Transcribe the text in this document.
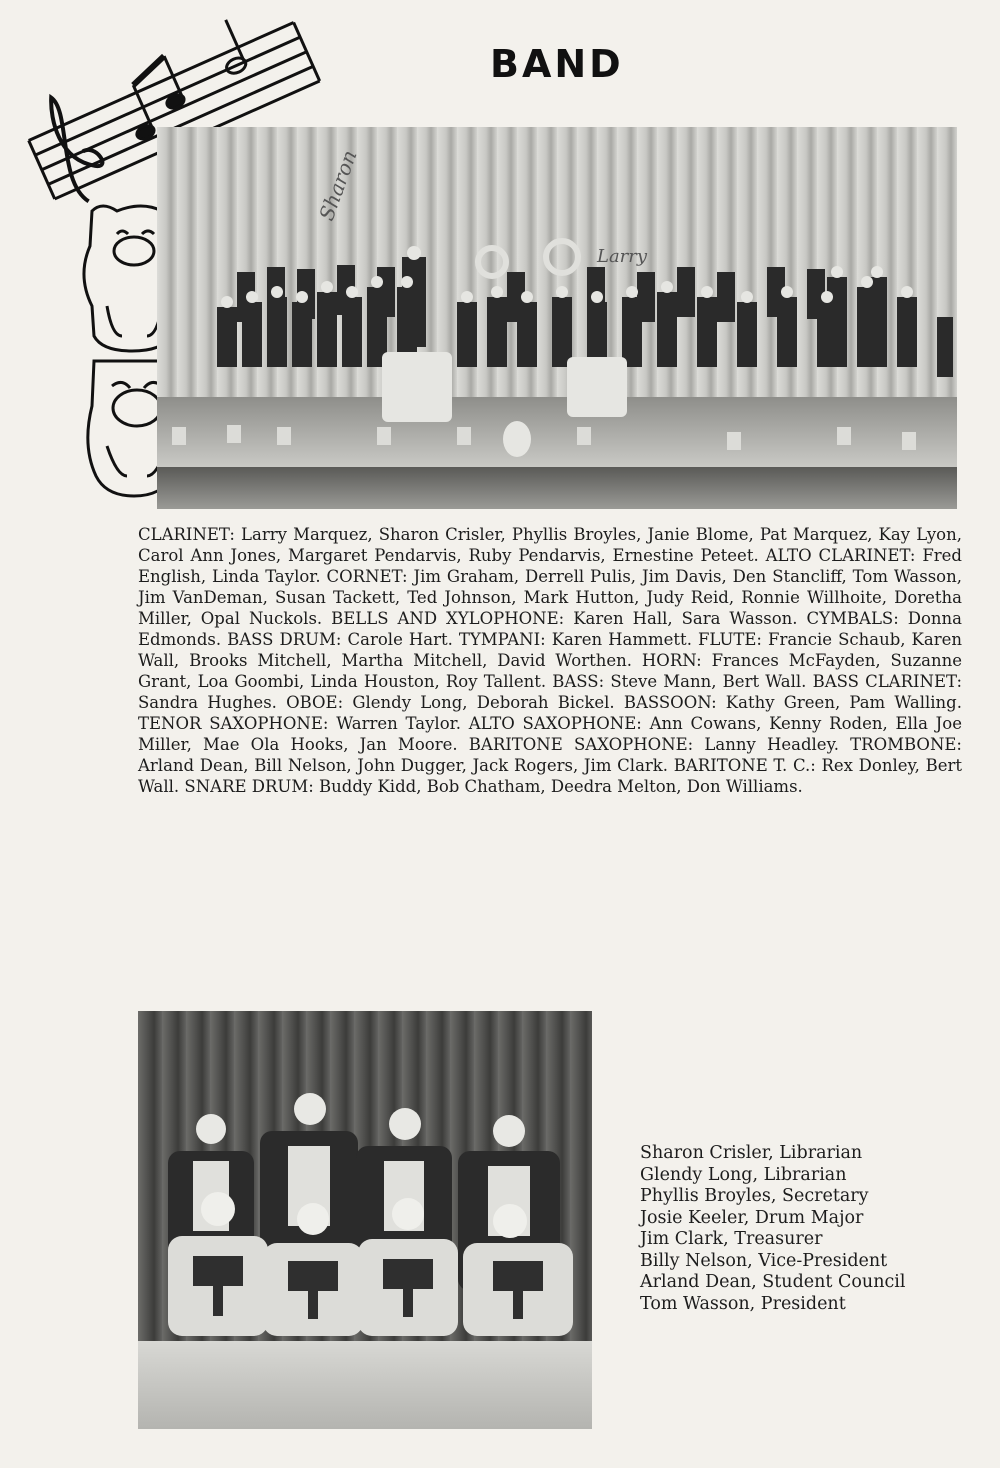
BAND
Sharon
Larry

CLARINET: Larry Marquez, Sharon Crisler, Phyllis Broyles, Janie Blome, Pat Marquez, Kay Lyon, Carol Ann Jones, Margaret Pendarvis, Ruby Pendarvis, Ernestine Peteet. ALTO CLARINET: Fred English, Linda Taylor. CORNET: Jim Graham, Derrell Pulis, Jim Davis, Den Stancliff, Tom Wasson, Jim VanDeman, Susan Tackett, Ted Johnson, Mark Hutton, Judy Reid, Ronnie Willhoite, Doretha Miller, Opal Nuckols. BELLS AND XYLOPHONE: Karen Hall, Sara Wasson. CYMBALS: Donna Edmonds. BASS DRUM: Carole Hart. TYMPANI: Karen Hammett. FLUTE: Francie Schaub, Karen Wall, Brooks Mitchell, Martha Mitchell, David Worthen. HORN: Frances McFayden, Suzanne Grant, Loa Goombi, Linda Houston, Roy Tallent. BASS: Steve Mann, Bert Wall. BASS CLARINET: Sandra Hughes. OBOE: Glendy Long, Deborah Bickel. BASSOON: Kathy Green, Pam Walling. TENOR SAXOPHONE: Warren Taylor. ALTO SAXOPHONE: Ann Cowans, Kenny Roden, Ella Joe Miller, Mae Ola Hooks, Jan Moore. BARITONE SAXOPHONE: Lanny Headley. TROMBONE: Arland Dean, Bill Nelson, John Dugger, Jack Rogers, Jim Clark. BARITONE T. C.: Rex Donley, Bert Wall. SNARE DRUM: Buddy Kidd, Bob Chatham, Deedra Melton, Don Williams.

Sharon Crisler, Librarian
Glendy Long, Librarian
Phyllis Broyles, Secretary
Josie Keeler, Drum Major
Jim Clark, Treasurer
Billy Nelson, Vice-President
Arland Dean, Student Council
Tom Wasson, President
